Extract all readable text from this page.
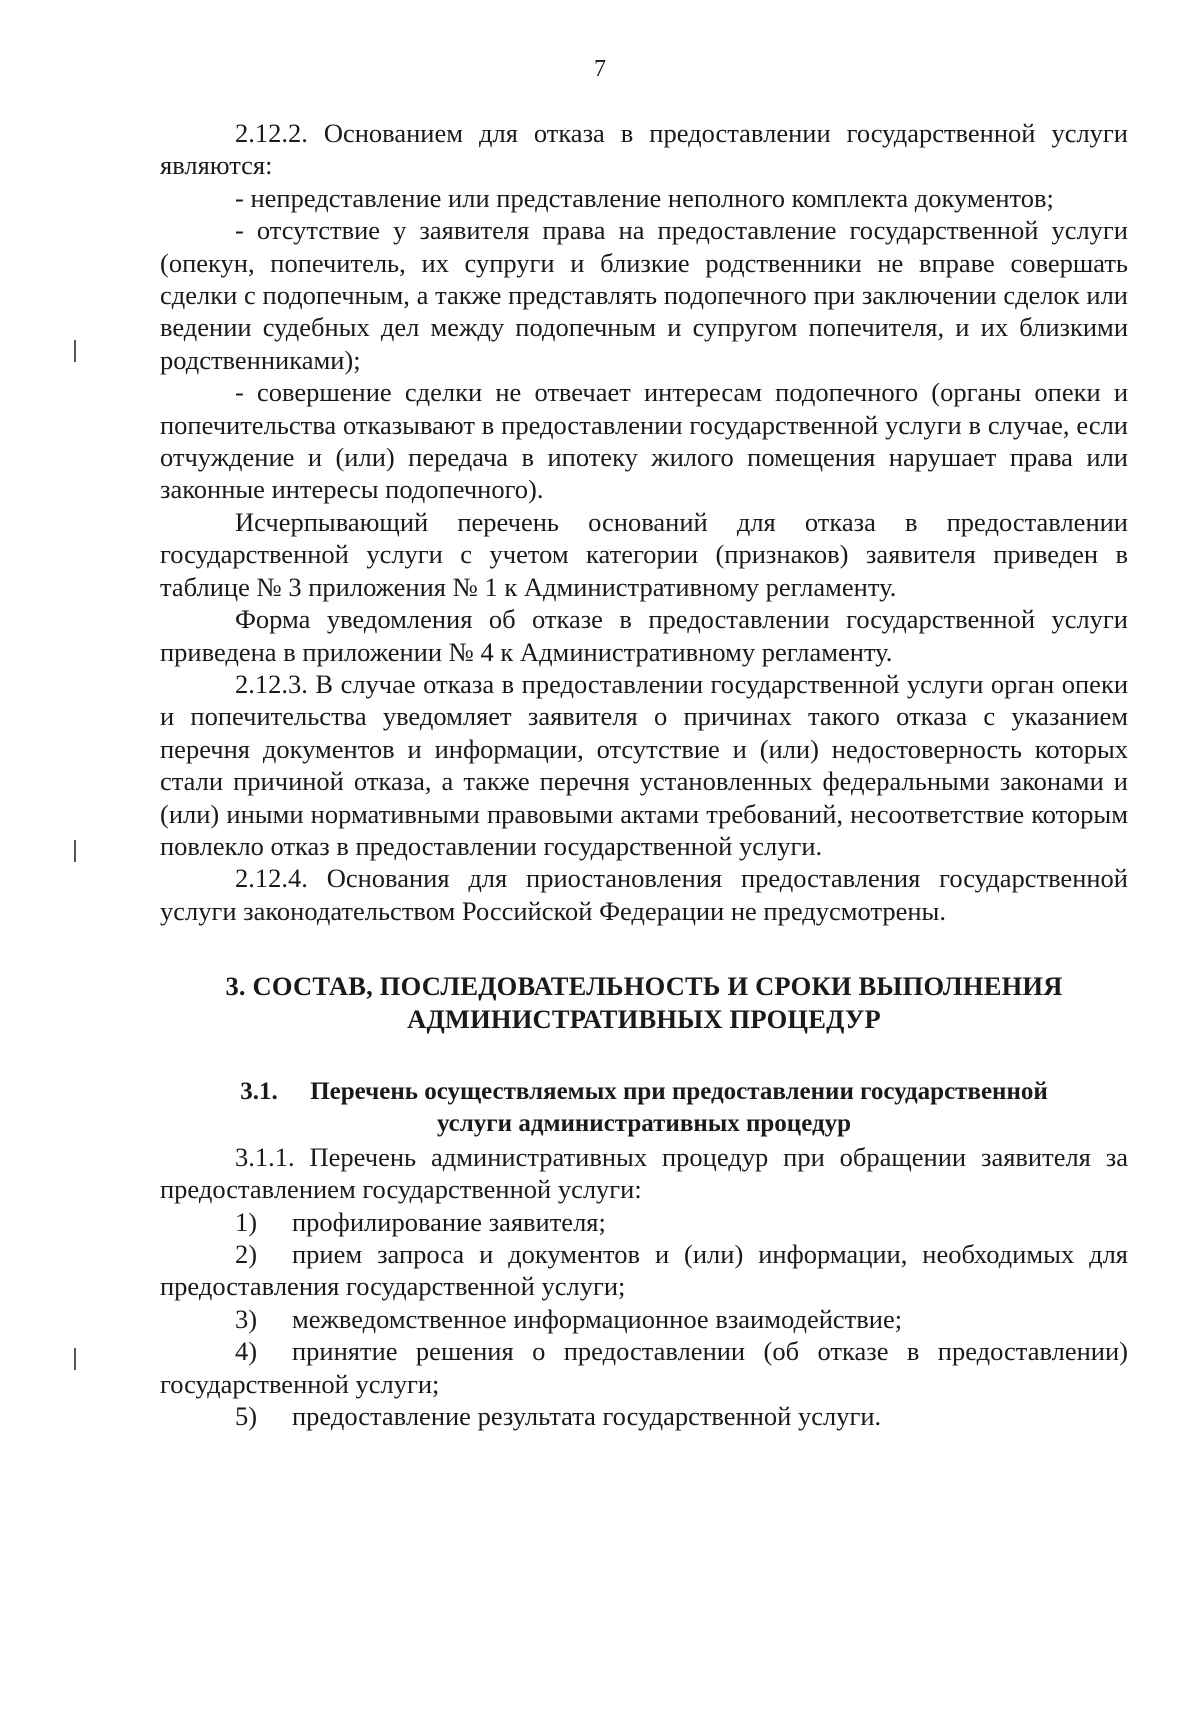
7

2.12.2. Основанием для отказа в предоставлении государственной услуги являются:

- непредставление или представление неполного комплекта документов;

- отсутствие у заявителя права на предоставление государственной услуги (опекун, попечитель, их супруги и близкие родственники не вправе совершать сделки с подопечным, а также представлять подопечного при заключении сделок или ведении судебных дел между подопечным и супругом попечителя, и их близкими родственниками);

- совершение сделки не отвечает интересам подопечного (органы опеки и попечительства отказывают в предоставлении государственной услуги в случае, если отчуждение и (или) передача в ипотеку жилого помещения нарушает права или законные интересы подопечного).

Исчерпывающий перечень оснований для отказа в предоставлении государственной услуги с учетом категории (признаков) заявителя приведен в таблице № 3 приложения № 1 к Административному регламенту.

Форма уведомления об отказе в предоставлении государственной услуги приведена в приложении № 4 к Административному регламенту.

2.12.3. В случае отказа в предоставлении государственной услуги орган опеки и попечительства уведомляет заявителя о причинах такого отказа с указанием перечня документов и информации, отсутствие и (или) недостоверность которых стали причиной отказа, а также перечня установленных федеральными законами и (или) иными нормативными правовыми актами требований, несоответствие которым повлекло отказ в предоставлении государственной услуги.

2.12.4. Основания для приостановления предоставления государственной услуги законодательством Российской Федерации не предусмотрены.

3. СОСТАВ, ПОСЛЕДОВАТЕЛЬНОСТЬ И СРОКИ ВЫПОЛНЕНИЯ
АДМИНИСТРАТИВНЫХ ПРОЦЕДУР
3.1. Перечень осуществляемых при предоставлении государственной
услуги административных процедур

3.1.1. Перечень административных процедур при обращении заявителя за предоставлением государственной услуги:

1) профилирование заявителя;

2) прием запроса и документов и (или) информации, необходимых для предоставления государственной услуги;

3) межведомственное информационное взаимодействие;

4) принятие решения о предоставлении (об отказе в предоставлении) государственной услуги;

5) предоставление результата государственной услуги.
